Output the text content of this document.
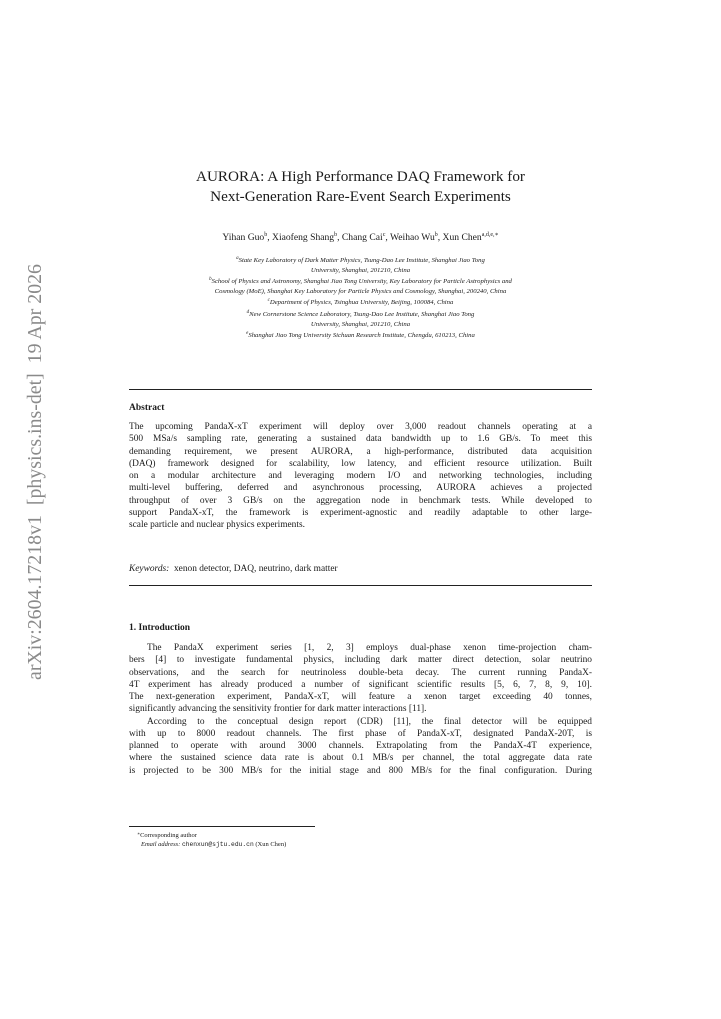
arXiv:2604.17218v1  [physics.ins-det]  19 Apr 2026
AURORA: A High Performance DAQ Framework for
Next-Generation Rare-Event Search Experiments
Yihan Guo$^b$, Xiaofeng Shang$^b$, Chang Cai$^c$, Weihao Wu$^b$, Xun Chen$^{a,d,e,∗}$
$^a$State Key Laboratory of Dark Matter Physics, Tsung-Dao Lee Institute, Shanghai Jiao Tong
University, Shanghai, 201210, China
$^b$School of Physics and Astronomy, Shanghai Jiao Tong University, Key Laboratory for Particle Astrophysics and
Cosmology (MoE), Shanghai Key Laboratory for Particle Physics and Cosmology, Shanghai, 200240, China
$^c$Department of Physics, Tsinghua University, Beijing, 100084, China
$^d$New Cornerstone Science Laboratory, Tsung-Dao Lee Institute, Shanghai Jiao Tong
University, Shanghai, 201210, China
$^e$Shanghai Jiao Tong University Sichuan Research Institute, Chengdu, 610213, China
Abstract
The upcoming PandaX-xT experiment will deploy over 3,000 readout channels operating at a
500 MSa/s sampling rate, generating a sustained data bandwidth up to 1.6 GB/s. To meet this
demanding requirement, we present AURORA, a high-performance, distributed data acquisition
(DAQ) framework designed for scalability, low latency, and efficient resource utilization. Built
on a modular architecture and leveraging modern I/O and networking technologies, including
multi-level buffering, deferred and asynchronous processing, AURORA achieves a projected
throughput of over 3 GB/s on the aggregation node in benchmark tests. While developed to
support PandaX-xT, the framework is experiment-agnostic and readily adaptable to other large-
scale particle and nuclear physics experiments.
Keywords: xenon detector, DAQ, neutrino, dark matter
1. Introduction
The PandaX experiment series [1, 2, 3] employs dual-phase xenon time-projection cham-
bers [4] to investigate fundamental physics, including dark matter direct detection, solar neutrino
observations, and the search for neutrinoless double-beta decay. The current running PandaX-
4T experiment has already produced a number of significant scientific results [5, 6, 7, 8, 9, 10].
The next-generation experiment, PandaX-xT, will feature a xenon target exceeding 40 tonnes,
significantly advancing the sensitivity frontier for dark matter interactions [11].
According to the conceptual design report (CDR) [11], the final detector will be equipped
with up to 8000 readout channels. The first phase of PandaX-xT, designated PandaX-20T, is
planned to operate with around 3000 channels. Extrapolating from the PandaX-4T experience,
where the sustained science data rate is about 0.1 MB/s per channel, the total aggregate data rate
is projected to be 300 MB/s for the initial stage and 800 MB/s for the final configuration. During
∗Corresponding author
Email address: chenxun@sjtu.edu.cn (Xun Chen)
